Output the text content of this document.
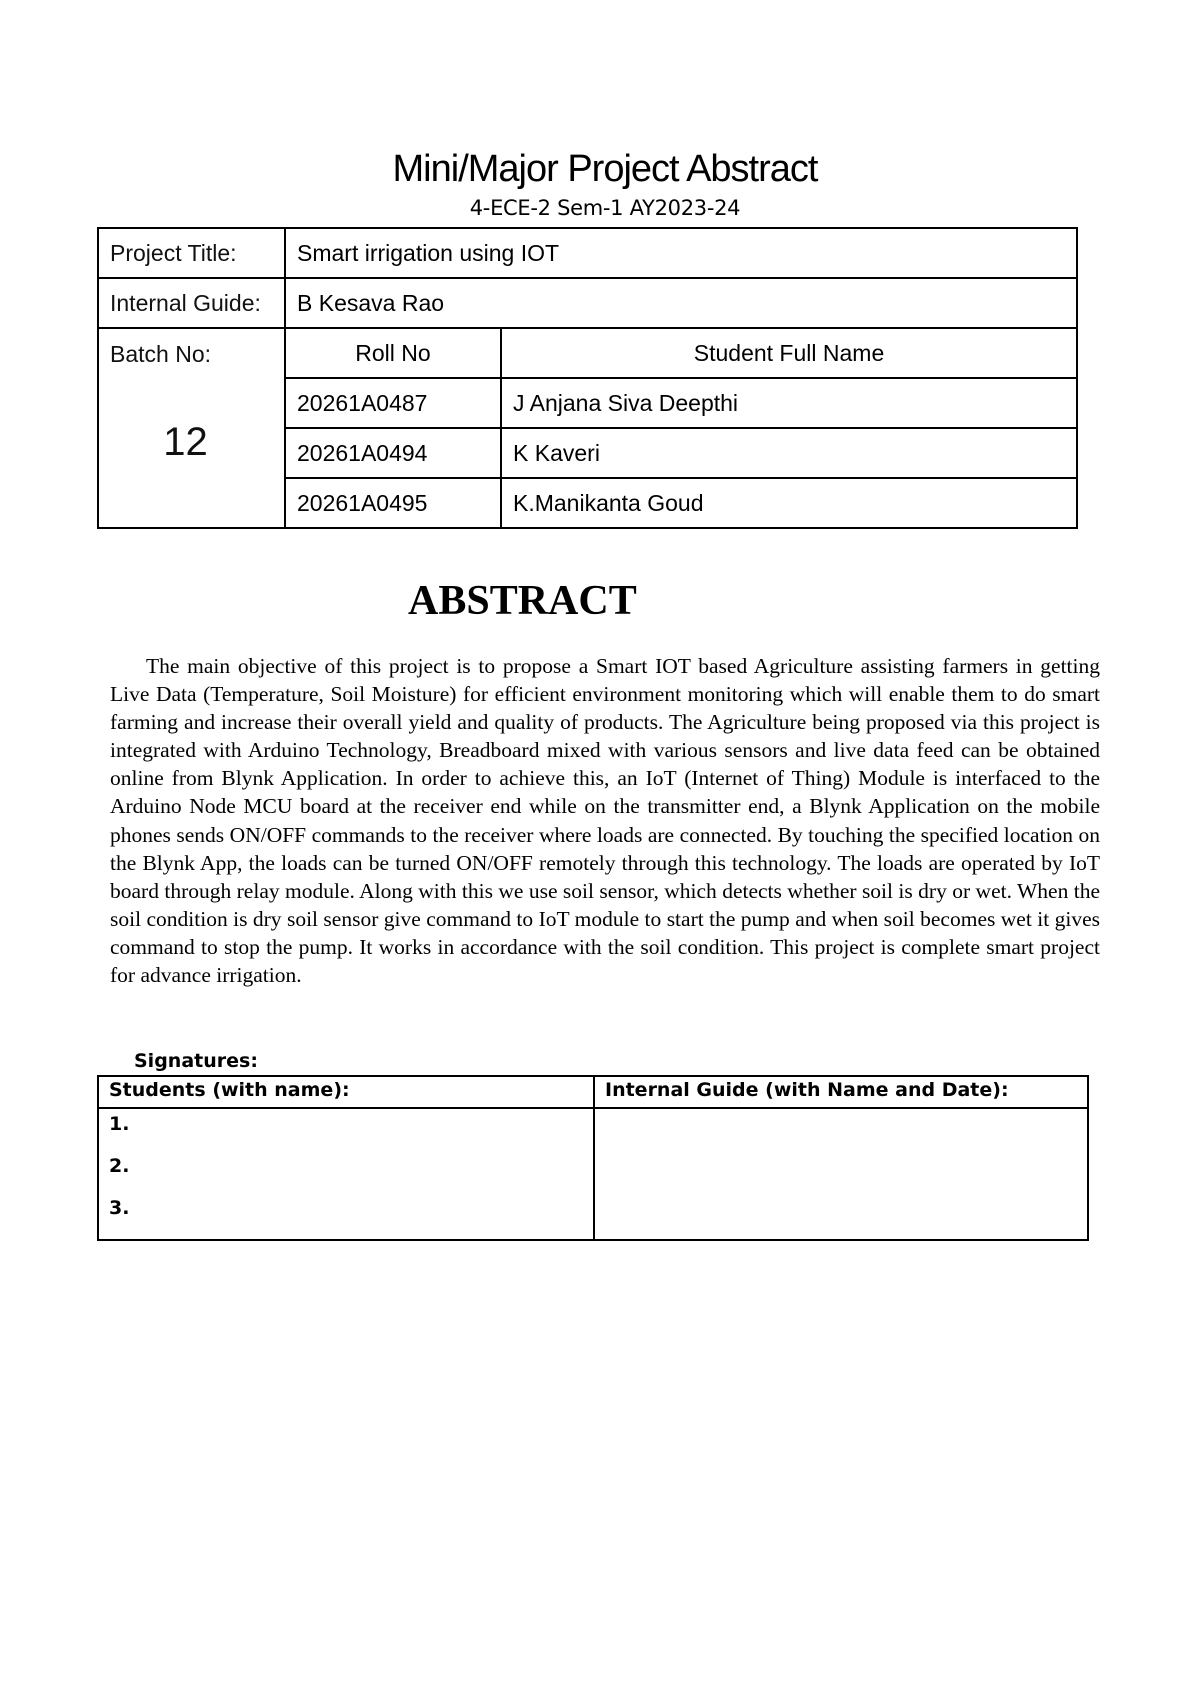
Mini/Major Project Abstract
4-ECE-2 Sem-1 AY2023-24
Project Title:	Smart irrigation using IOT	
Internal Guide:	B Kesava Rao	
Batch No:
12	Roll No	Student Full Name
	20261A0487	J Anjana Siva Deepthi
	20261A0494	K Kaveri
	20261A0495	K.Manikanta Goud
ABSTRACT

The main objective of this project is to propose a Smart IOT based Agriculture assisting farmers in getting Live Data (Temperature, Soil Moisture) for efficient environment monitoring which will enable them to do smart farming and increase their overall yield and quality of products. The Agriculture being proposed via this project is integrated with Arduino Technology, Breadboard mixed with various sensors and live data feed can be obtained online from Blynk Application. In order to achieve this, an IoT (Internet of Thing) Module is interfaced to the Arduino Node MCU board at the receiver end while on the transmitter end, a Blynk Application on the mobile phones sends ON/OFF commands to the receiver where loads are connected. By touching the specified location on the Blynk App, the loads can be turned ON/OFF remotely through this technology. The loads are operated by IoT board through relay module. Along with this we use soil sensor, which detects whether soil is dry or wet. When the soil condition is dry soil sensor give command to IoT module to start the pump and when soil becomes wet it gives command to stop the pump. It works in accordance with the soil condition. This project is complete smart project for advance irrigation.

Signatures:
Students (with name):	Internal Guide (with Name and Date):

1.
2.
3.	
